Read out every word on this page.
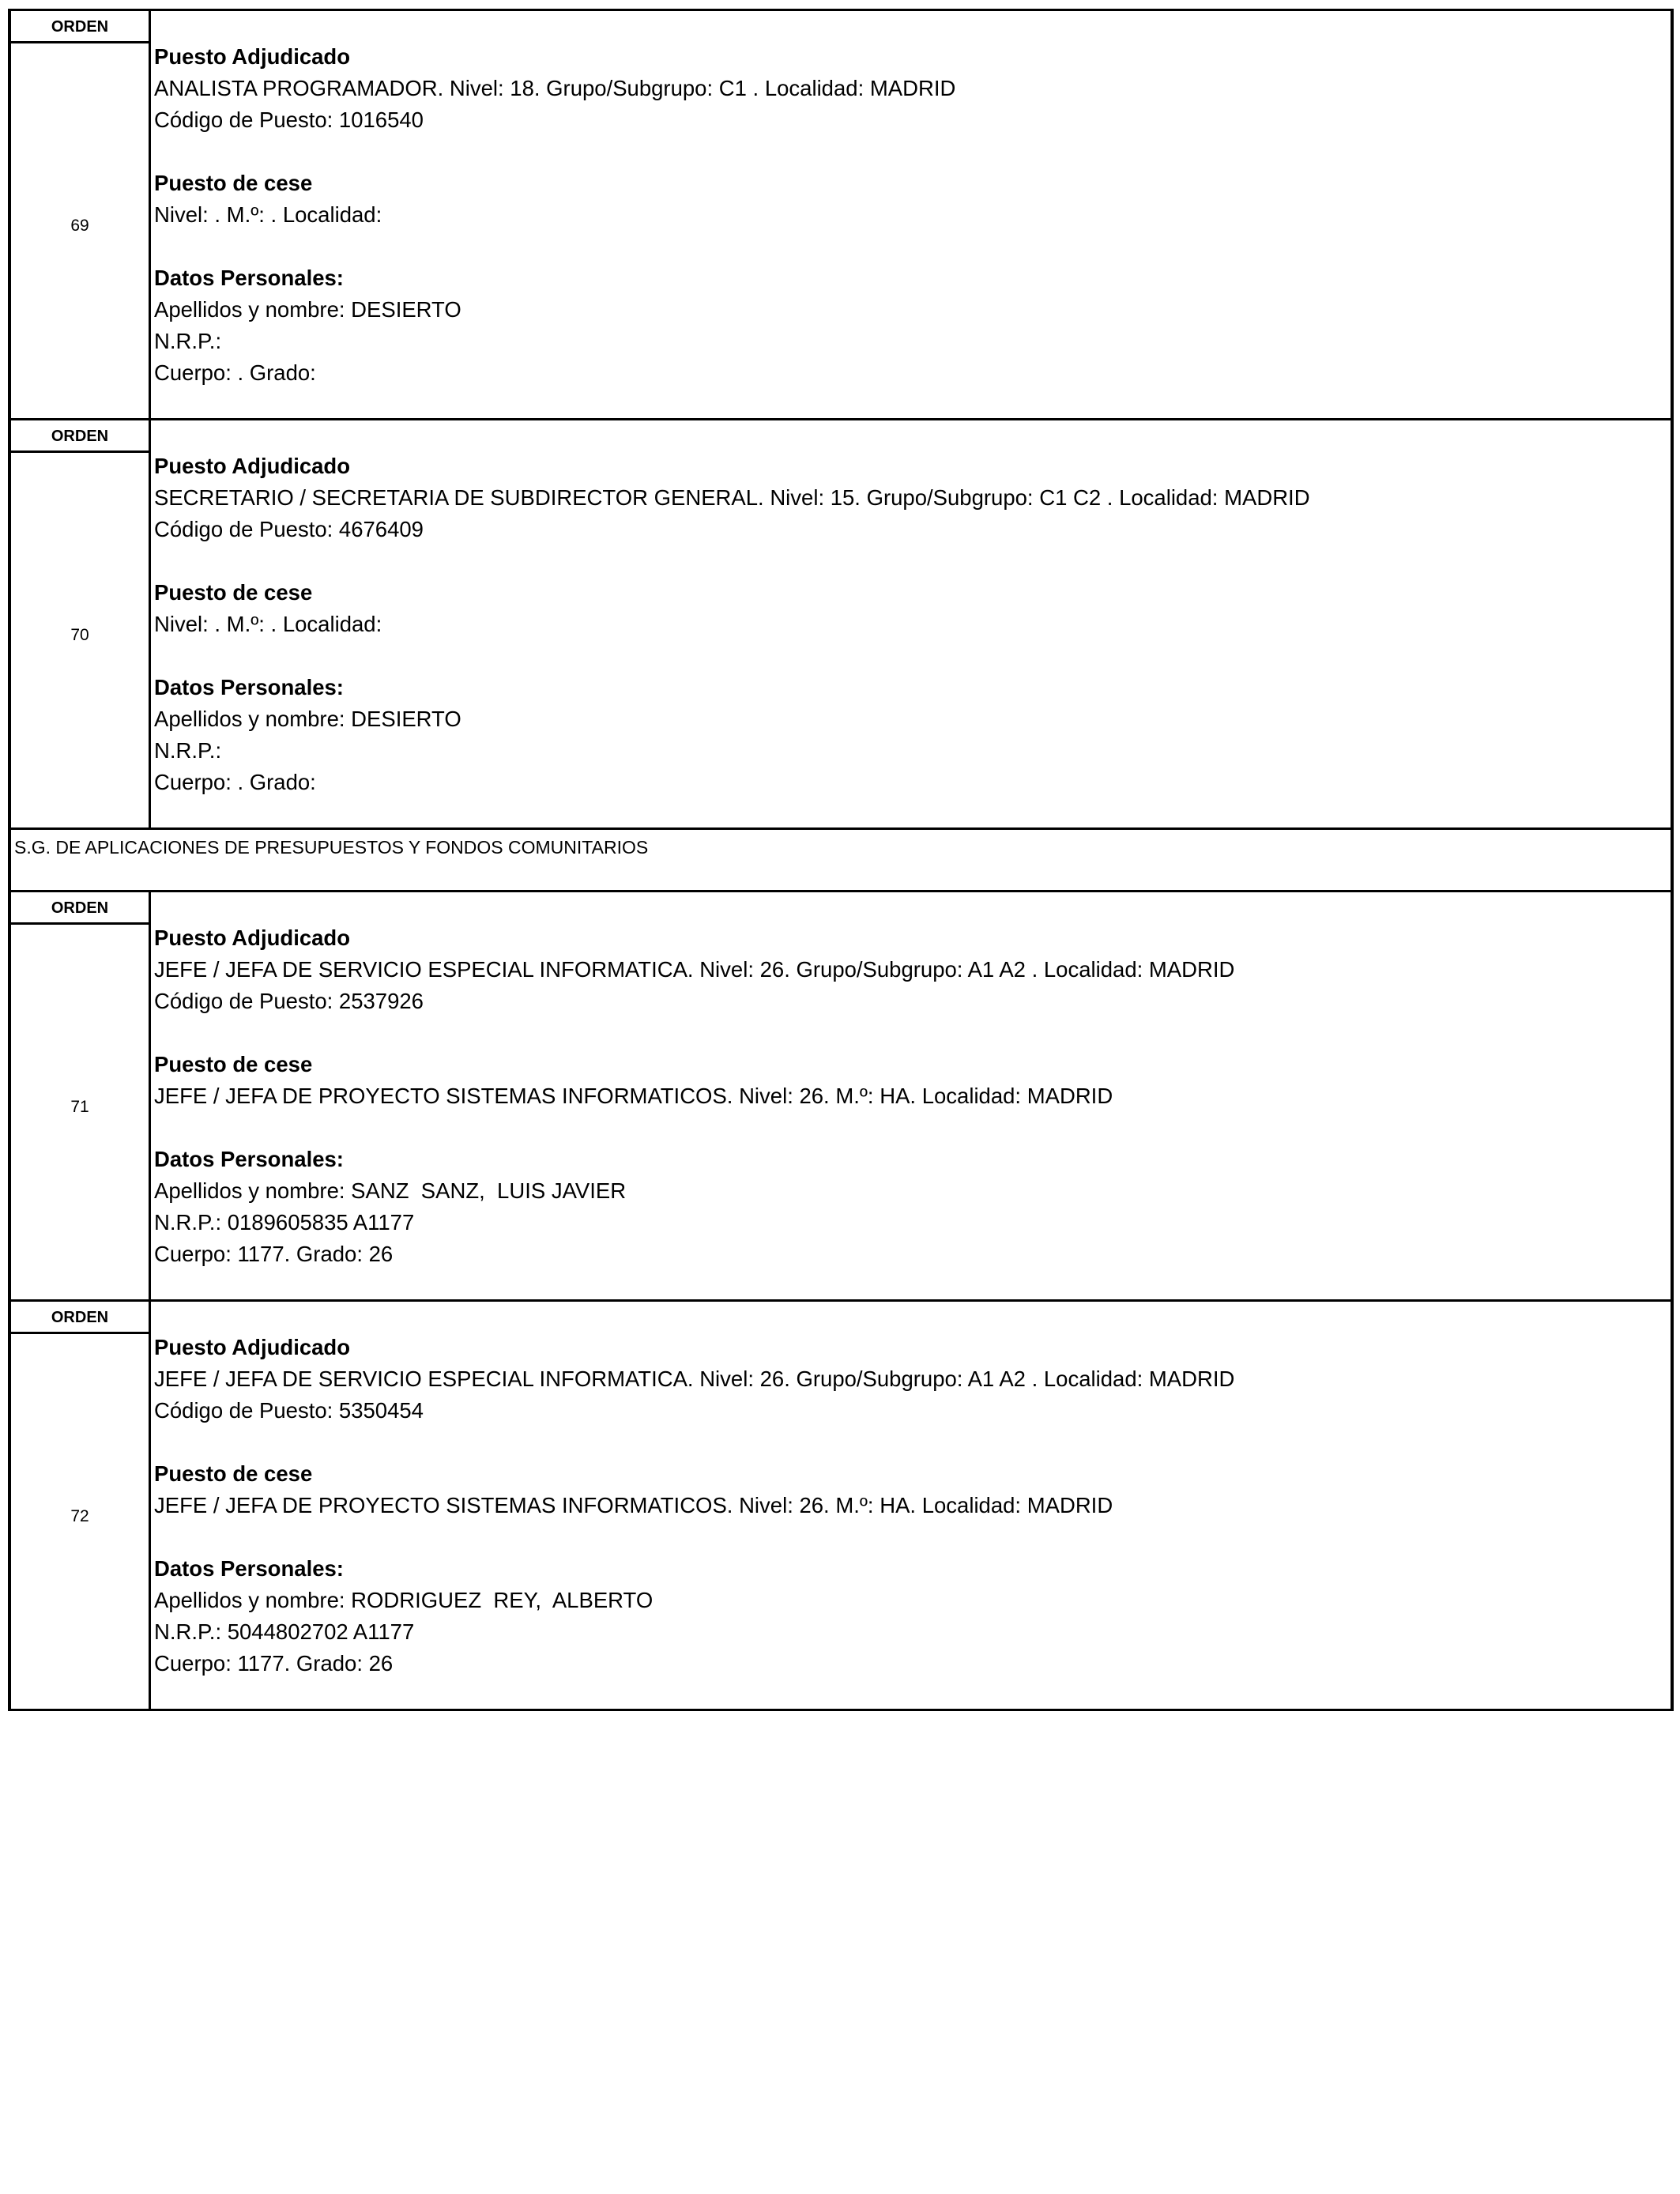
ORDEN
69
Puesto Adjudicado
ANALISTA PROGRAMADOR. Nivel: 18. Grupo/Subgrupo: C1 . Localidad: MADRID
Código de Puesto: 1016540
Puesto de cese
Nivel: . M.º: . Localidad:
Datos Personales:
Apellidos y nombre: DESIERTO
N.R.P.:
Cuerpo: . Grado:
ORDEN
70
Puesto Adjudicado
SECRETARIO / SECRETARIA DE SUBDIRECTOR GENERAL. Nivel: 15. Grupo/Subgrupo: C1 C2 . Localidad: MADRID
Código de Puesto: 4676409
Puesto de cese
Nivel: . M.º: . Localidad:
Datos Personales:
Apellidos y nombre: DESIERTO
N.R.P.:
Cuerpo: . Grado:
S.G. DE APLICACIONES DE PRESUPUESTOS Y FONDOS COMUNITARIOS
ORDEN
71
Puesto Adjudicado
JEFE / JEFA DE SERVICIO ESPECIAL INFORMATICA. Nivel: 26. Grupo/Subgrupo: A1 A2 . Localidad: MADRID
Código de Puesto: 2537926
Puesto de cese
JEFE / JEFA DE PROYECTO SISTEMAS INFORMATICOS. Nivel: 26. M.º: HA. Localidad: MADRID
Datos Personales:
Apellidos y nombre: SANZ  SANZ,  LUIS JAVIER
N.R.P.: 0189605835 A1177
Cuerpo: 1177. Grado: 26
ORDEN
72
Puesto Adjudicado
JEFE / JEFA DE SERVICIO ESPECIAL INFORMATICA. Nivel: 26. Grupo/Subgrupo: A1 A2 . Localidad: MADRID
Código de Puesto: 5350454
Puesto de cese
JEFE / JEFA DE PROYECTO SISTEMAS INFORMATICOS. Nivel: 26. M.º: HA. Localidad: MADRID
Datos Personales:
Apellidos y nombre: RODRIGUEZ  REY,  ALBERTO
N.R.P.: 5044802702 A1177
Cuerpo: 1177. Grado: 26
